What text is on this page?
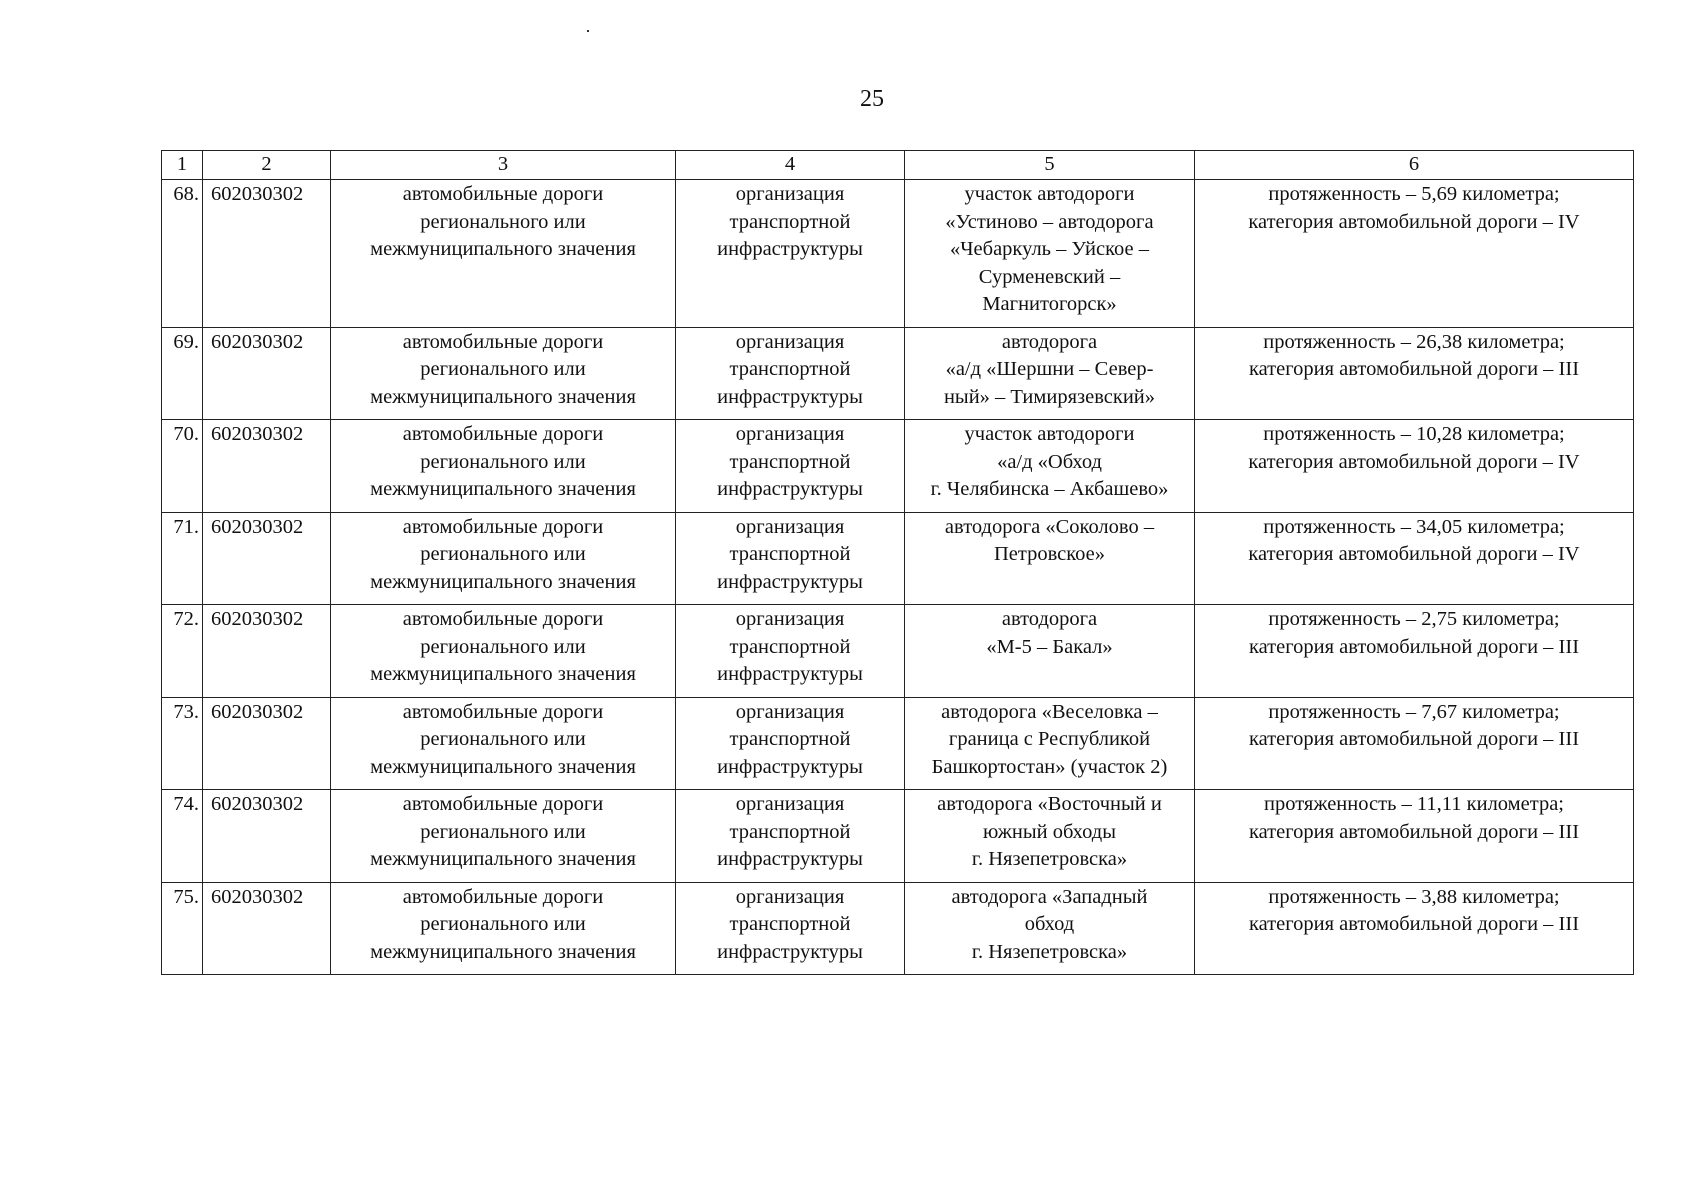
25
1	2	3	4	5	6
68.	602030302	автомобильные дороги
регионального или
межмуниципального значения	организация
транспортной
инфраструктуры	участок автодороги
«Устиново – автодорога
«Чебаркуль – Уйское –
Сурменевский –
Магнитогорск»	протяженность – 5,69 километра;
категория автомобильной дороги – IV
69.	602030302	автомобильные дороги
регионального или
межмуниципального значения	организация
транспортной
инфраструктуры	автодорога
«а/д «Шершни – Север-
ный» – Тимирязевский»	протяженность – 26,38 километра;
категория автомобильной дороги – III
70.	602030302	автомобильные дороги
регионального или
межмуниципального значения	организация
транспортной
инфраструктуры	участок автодороги
«а/д «Обход
г. Челябинска – Акбашево»	протяженность – 10,28 километра;
категория автомобильной дороги – IV
71.	602030302	автомобильные дороги
регионального или
межмуниципального значения	организация
транспортной
инфраструктуры	автодорога «Соколово –
Петровское»	протяженность – 34,05 километра;
категория автомобильной дороги – IV
72.	602030302	автомобильные дороги
регионального или
межмуниципального значения	организация
транспортной
инфраструктуры	автодорога
«М-5 – Бакал»	протяженность – 2,75 километра;
категория автомобильной дороги – III
73.	602030302	автомобильные дороги
регионального или
межмуниципального значения	организация
транспортной
инфраструктуры	автодорога «Веселовка –
граница с Республикой
Башкортостан» (участок 2)	протяженность – 7,67 километра;
категория автомобильной дороги – III
74.	602030302	автомобильные дороги
регионального или
межмуниципального значения	организация
транспортной
инфраструктуры	автодорога «Восточный и
южный обходы
г. Нязепетровска»	протяженность – 11,11 километра;
категория автомобильной дороги – III
75.	602030302	автомобильные дороги
регионального или
межмуниципального значения	организация
транспортной
инфраструктуры	автодорога «Западный
обход
г. Нязепетровска»	протяженность – 3,88 километра;
категория автомобильной дороги – III
